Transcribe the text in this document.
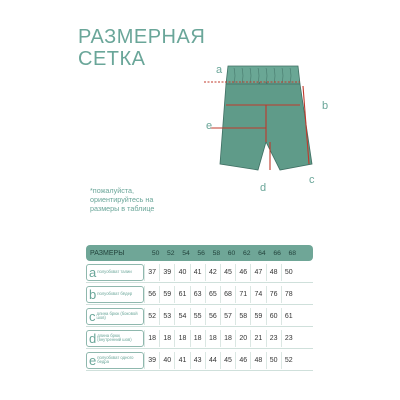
РАЗМЕРНАЯ
СЕТКА	a
e
b
d
c
*пожалуйста, ориентируйтесь на размеры в таблице
РАЗМЕРЫ	50	52	54	56	58	60	62	64	66	68
a полуобхват талии	37	39	40	41	42	45	46	47	48	50
b полуобхват бёдер	56	59	61	63	65	68	71	74	76	78
c длина брюк (боковой шов)	52	53	54	55	56	57	58	59	60	61
d длина брюк (внутренний шов)	18	18	18	18	18	18	20	21	23	23
e полуобхват одного бедра	39	40	41	43	44	45	46	48	50	52
